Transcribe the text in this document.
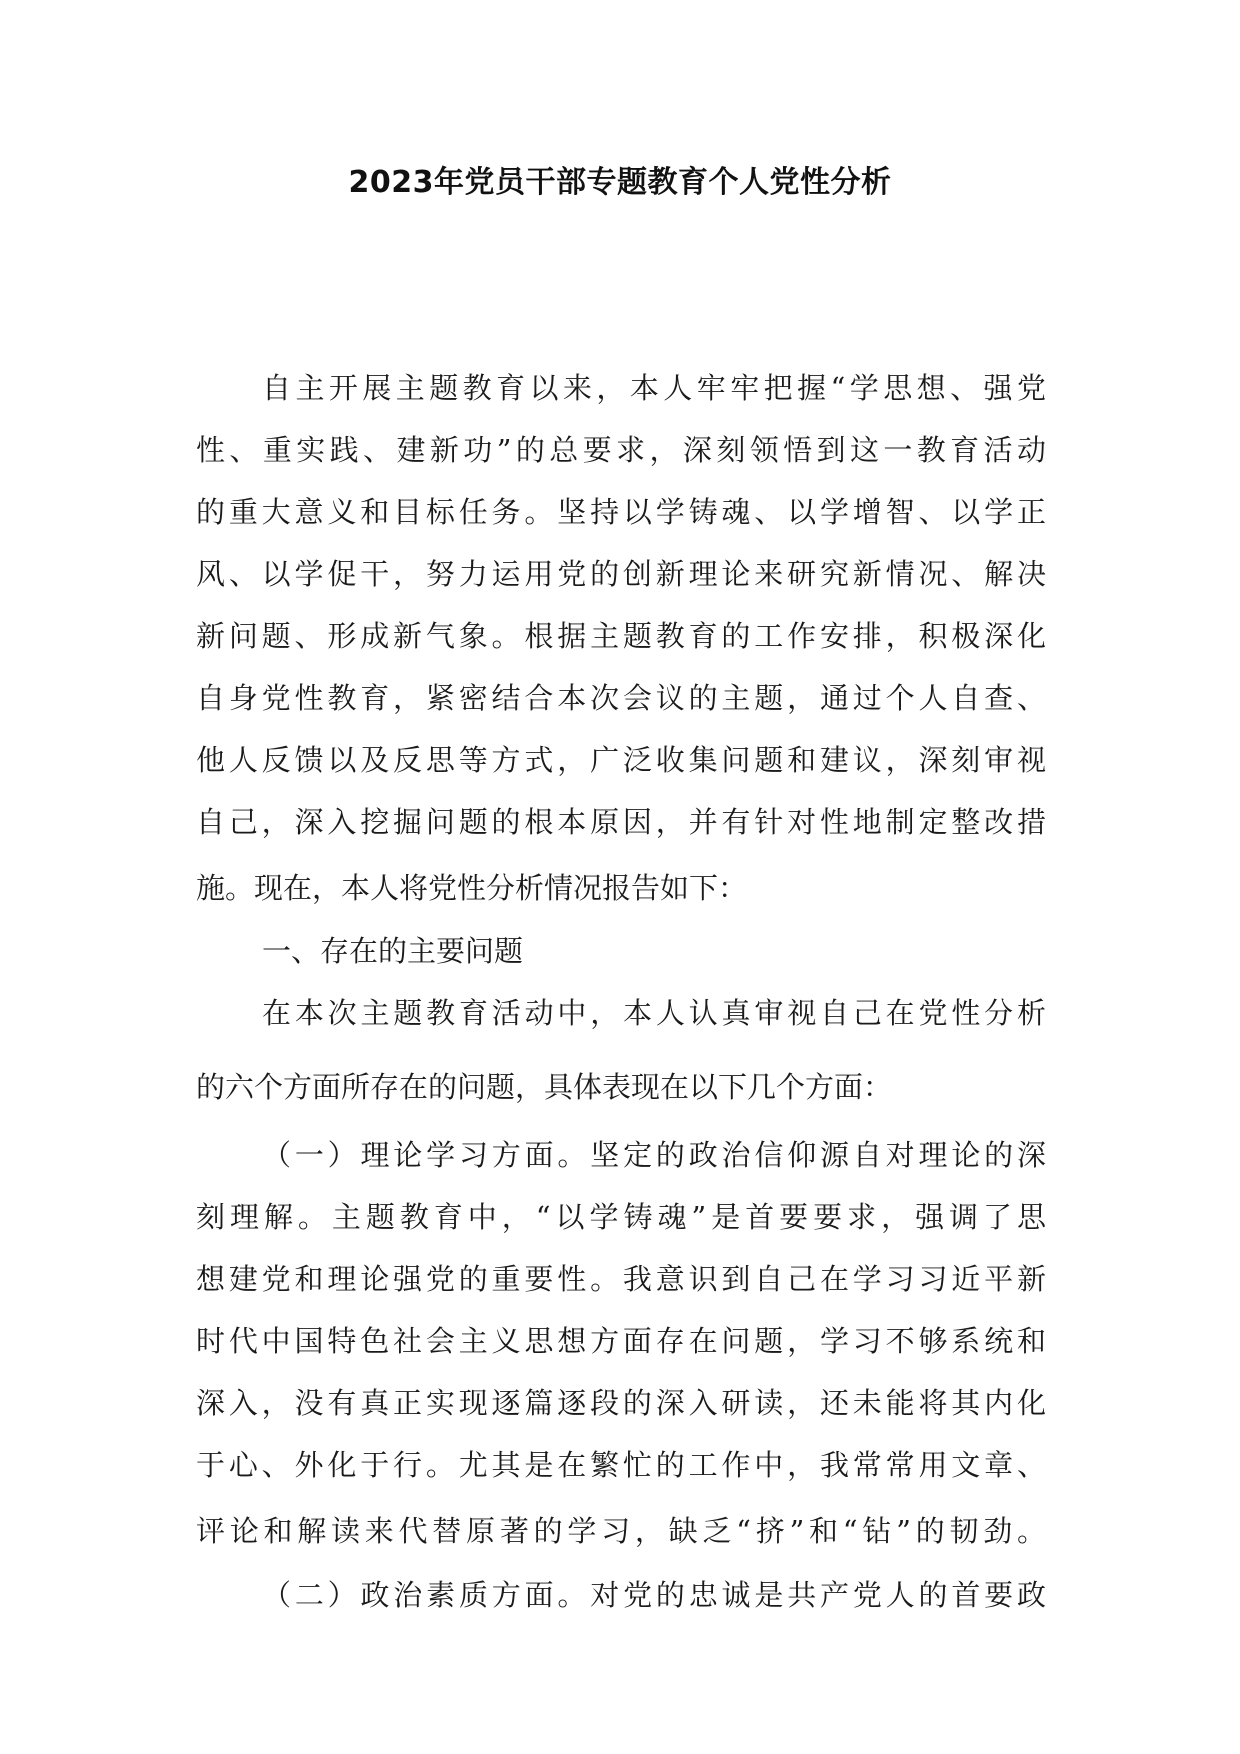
2023年党员干部专题教育个人党性分析
自主开展主题教育以来，本人牢牢把握“学思想、强党
性、重实践、建新功”的总要求，深刻领悟到这一教育活动
的重大意义和目标任务。坚持以学铸魂、以学增智、以学正
风、以学促干，努力运用党的创新理论来研究新情况、解决
新问题、形成新气象。根据主题教育的工作安排，积极深化
自身党性教育，紧密结合本次会议的主题，通过个人自查、
他人反馈以及反思等方式，广泛收集问题和建议，深刻审视
自己，深入挖掘问题的根本原因，并有针对性地制定整改措
施。现在，本人将党性分析情况报告如下：
一、存在的主要问题
在本次主题教育活动中，本人认真审视自己在党性分析
的六个方面所存在的问题，具体表现在以下几个方面：
（一）理论学习方面。坚定的政治信仰源自对理论的深
刻理解。主题教育中，“以学铸魂”是首要要求，强调了思
想建党和理论强党的重要性。我意识到自己在学习习近平新
时代中国特色社会主义思想方面存在问题，学习不够系统和
深入，没有真正实现逐篇逐段的深入研读，还未能将其内化
于心、外化于行。尤其是在繁忙的工作中，我常常用文章、
评论和解读来代替原著的学习，缺乏“挤”和“钻”的韧劲。
（二）政治素质方面。对党的忠诚是共产党人的首要政
